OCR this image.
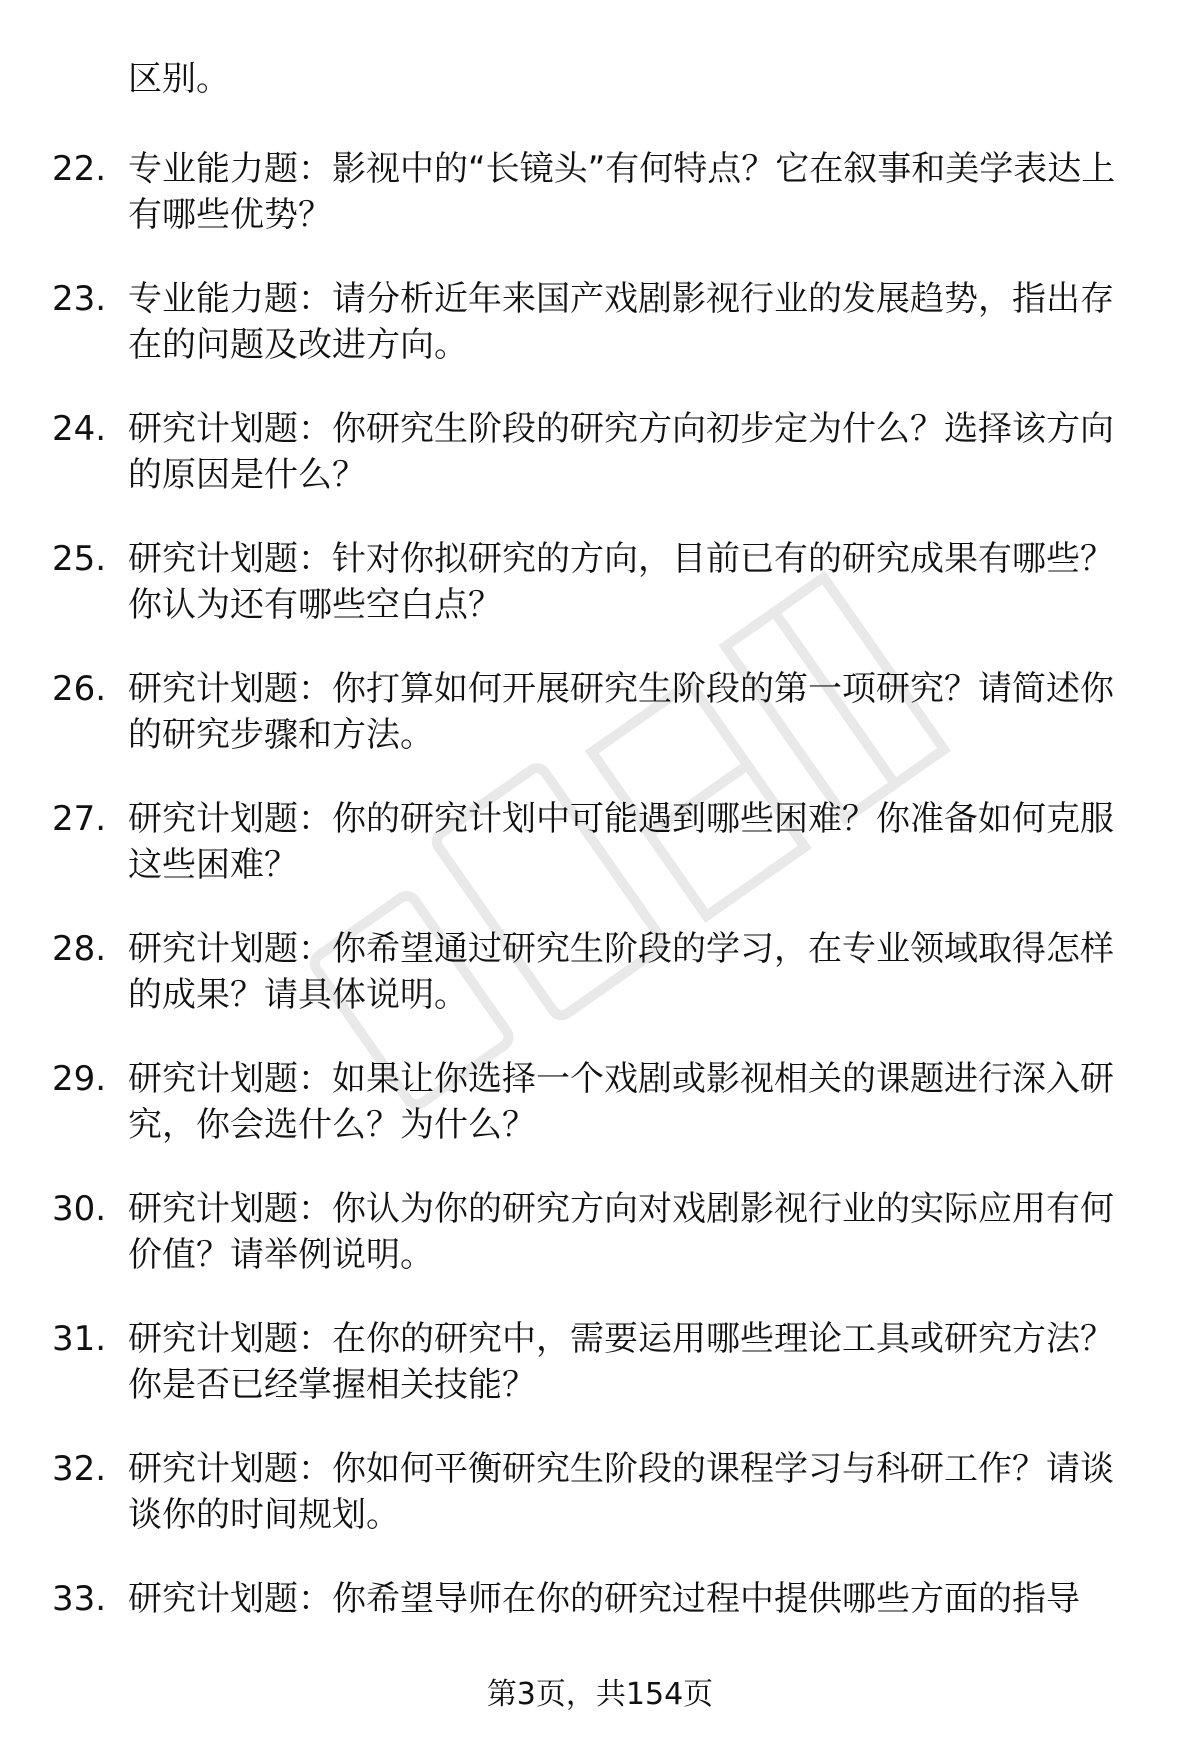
区别。

22. 专业能力题：影视中的“长镜头”有何特点？它在叙事和美学表达上有哪些优势？

23. 专业能力题：请分析近年来国产戏剧影视行业的发展趋势，指出存在的问题及改进方向。

24. 研究计划题：你研究生阶段的研究方向初步定为什么？选择该方向的原因是什么？

25. 研究计划题：针对你拟研究的方向，目前已有的研究成果有哪些？你认为还有哪些空白点？

26. 研究计划题：你打算如何开展研究生阶段的第一项研究？请简述你的研究步骤和方法。

27. 研究计划题：你的研究计划中可能遇到哪些困难？你准备如何克服这些困难？

28. 研究计划题：你希望通过研究生阶段的学习，在专业领域取得怎样的成果？请具体说明。

29. 研究计划题：如果让你选择一个戏剧或影视相关的课题进行深入研究，你会选什么？为什么？

30. 研究计划题：你认为你的研究方向对戏剧影视行业的实际应用有何价值？请举例说明。

31. 研究计划题：在你的研究中，需要运用哪些理论工具或研究方法？你是否已经掌握相关技能？

32. 研究计划题：你如何平衡研究生阶段的课程学习与科研工作？请谈谈你的时间规划。

33. 研究计划题：你希望导师在你的研究过程中提供哪些方面的指导

第3页，共154页
